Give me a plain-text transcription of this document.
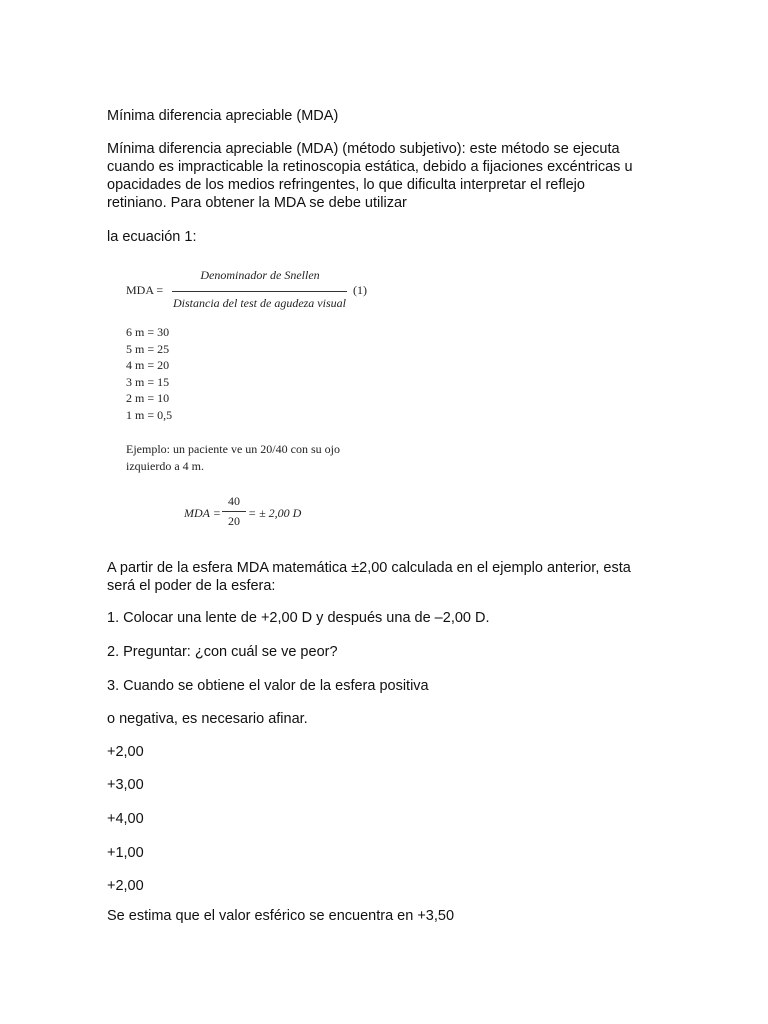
Mínima diferencia apreciable (MDA)

Mínima diferencia apreciable (MDA) (método subjetivo): este método se ejecuta
cuando es impracticable la retinoscopia estática, debido a fijaciones excéntricas u
opacidades de los medios refringentes, lo que dificulta interpretar el reflejo
retiniano. Para obtener la MDA se debe utilizar

la ecuación 1:

MDA =
Denominador de Snellen
Distancia del test de agudeza visual
(1)
6 m = 30
5 m = 25
4 m = 20
3 m = 15
2 m = 10
1 m = 0,5
Ejemplo: un paciente ve un 20/40 con su ojo
izquierdo a 4 m.
MDA =
40
20
= ± 2,00 D
A partir de la esfera MDA matemática ±2,00 calculada en el ejemplo anterior, esta
será el poder de la esfera:

1. Colocar una lente de +2,00 D y después una de –2,00 D.

2. Preguntar: ¿con cuál se ve peor?

3. Cuando se obtiene el valor de la esfera positiva

o negativa, es necesario afinar.

+2,00

+3,00

+4,00

+1,00

+2,00

Se estima que el valor esférico se encuentra en +3,50
